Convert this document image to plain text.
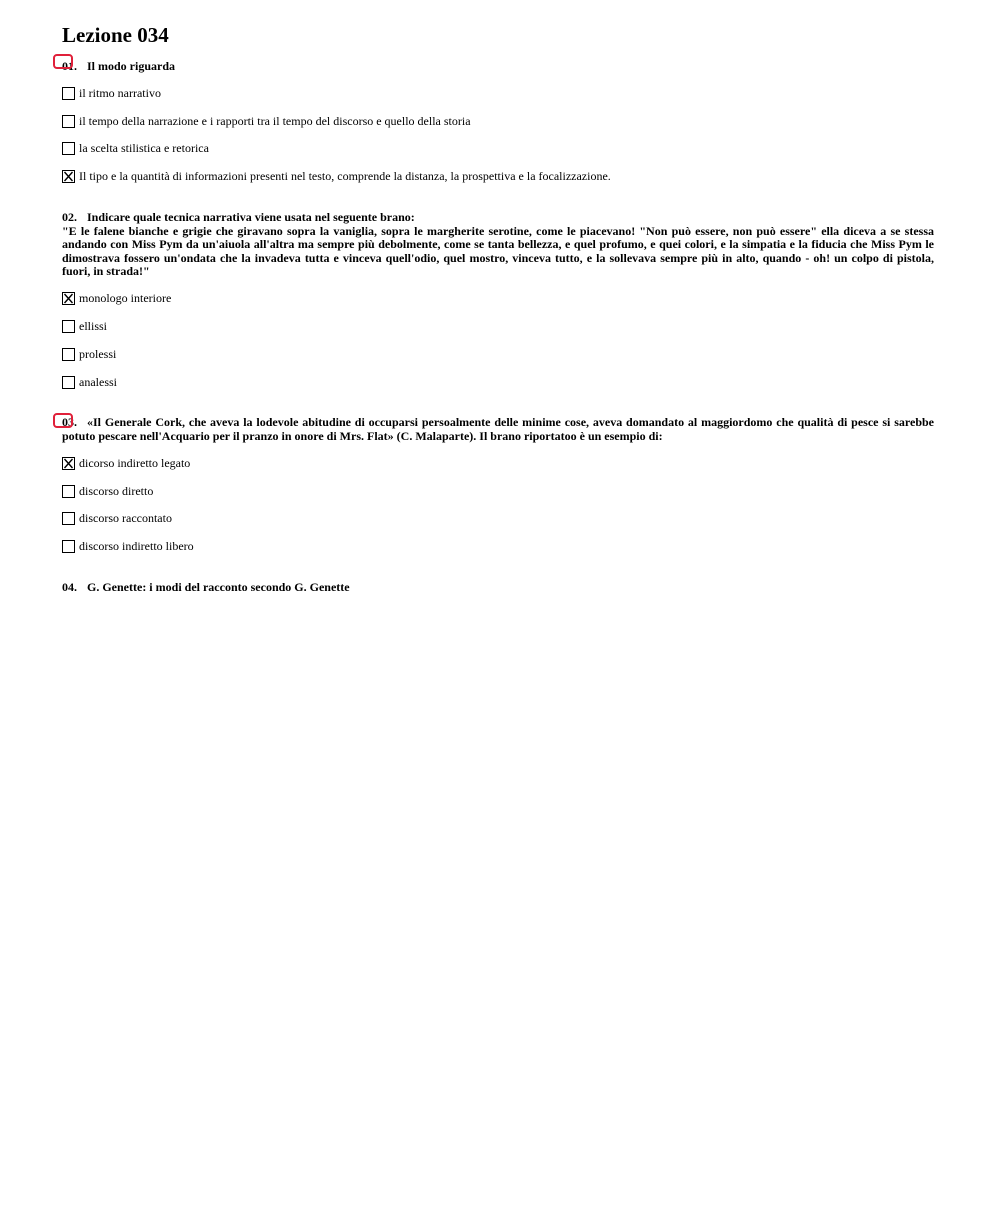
Lezione 034
01. Il modo riguarda
il ritmo narrativo
il tempo della narrazione e i rapporti tra il tempo del discorso e quello della storia
la scelta stilistica e retorica
Il tipo e la quantità di informazioni presenti nel testo, comprende la distanza, la prospettiva e la focalizzazione.
02. Indicare quale tecnica narrativa viene usata nel seguente brano:
"E le falene bianche e grigie che giravano sopra la vaniglia, sopra le margherite serotine, come le piacevano! "Non può essere, non può essere" ella diceva a se stessa andando con Miss Pym da un'aiuola all'altra ma sempre più debolmente, come se tanta bellezza, e quel profumo, e quei colori, e la simpatia e la fiducia che Miss Pym le dimostrava fossero un'ondata che la invadeva tutta e vinceva quell'odio, quel mostro, vinceva tutto, e la sollevava sempre più in alto, quando - oh! un colpo di pistola, fuori, in strada!"
monologo interiore
ellissi
prolessi
analessi
03. «Il Generale Cork, che aveva la lodevole abitudine di occuparsi persoalmente delle minime cose, aveva domandato al maggiordomo che qualità di pesce si sarebbe potuto pescare nell'Acquario per il pranzo in onore di Mrs. Flat» (C. Malaparte). Il brano riportatoo è un esempio di:
dicorso indiretto legato
discorso diretto
discorso raccontato
discorso indiretto libero
04. G. Genette: i modi del racconto secondo G. Genette
